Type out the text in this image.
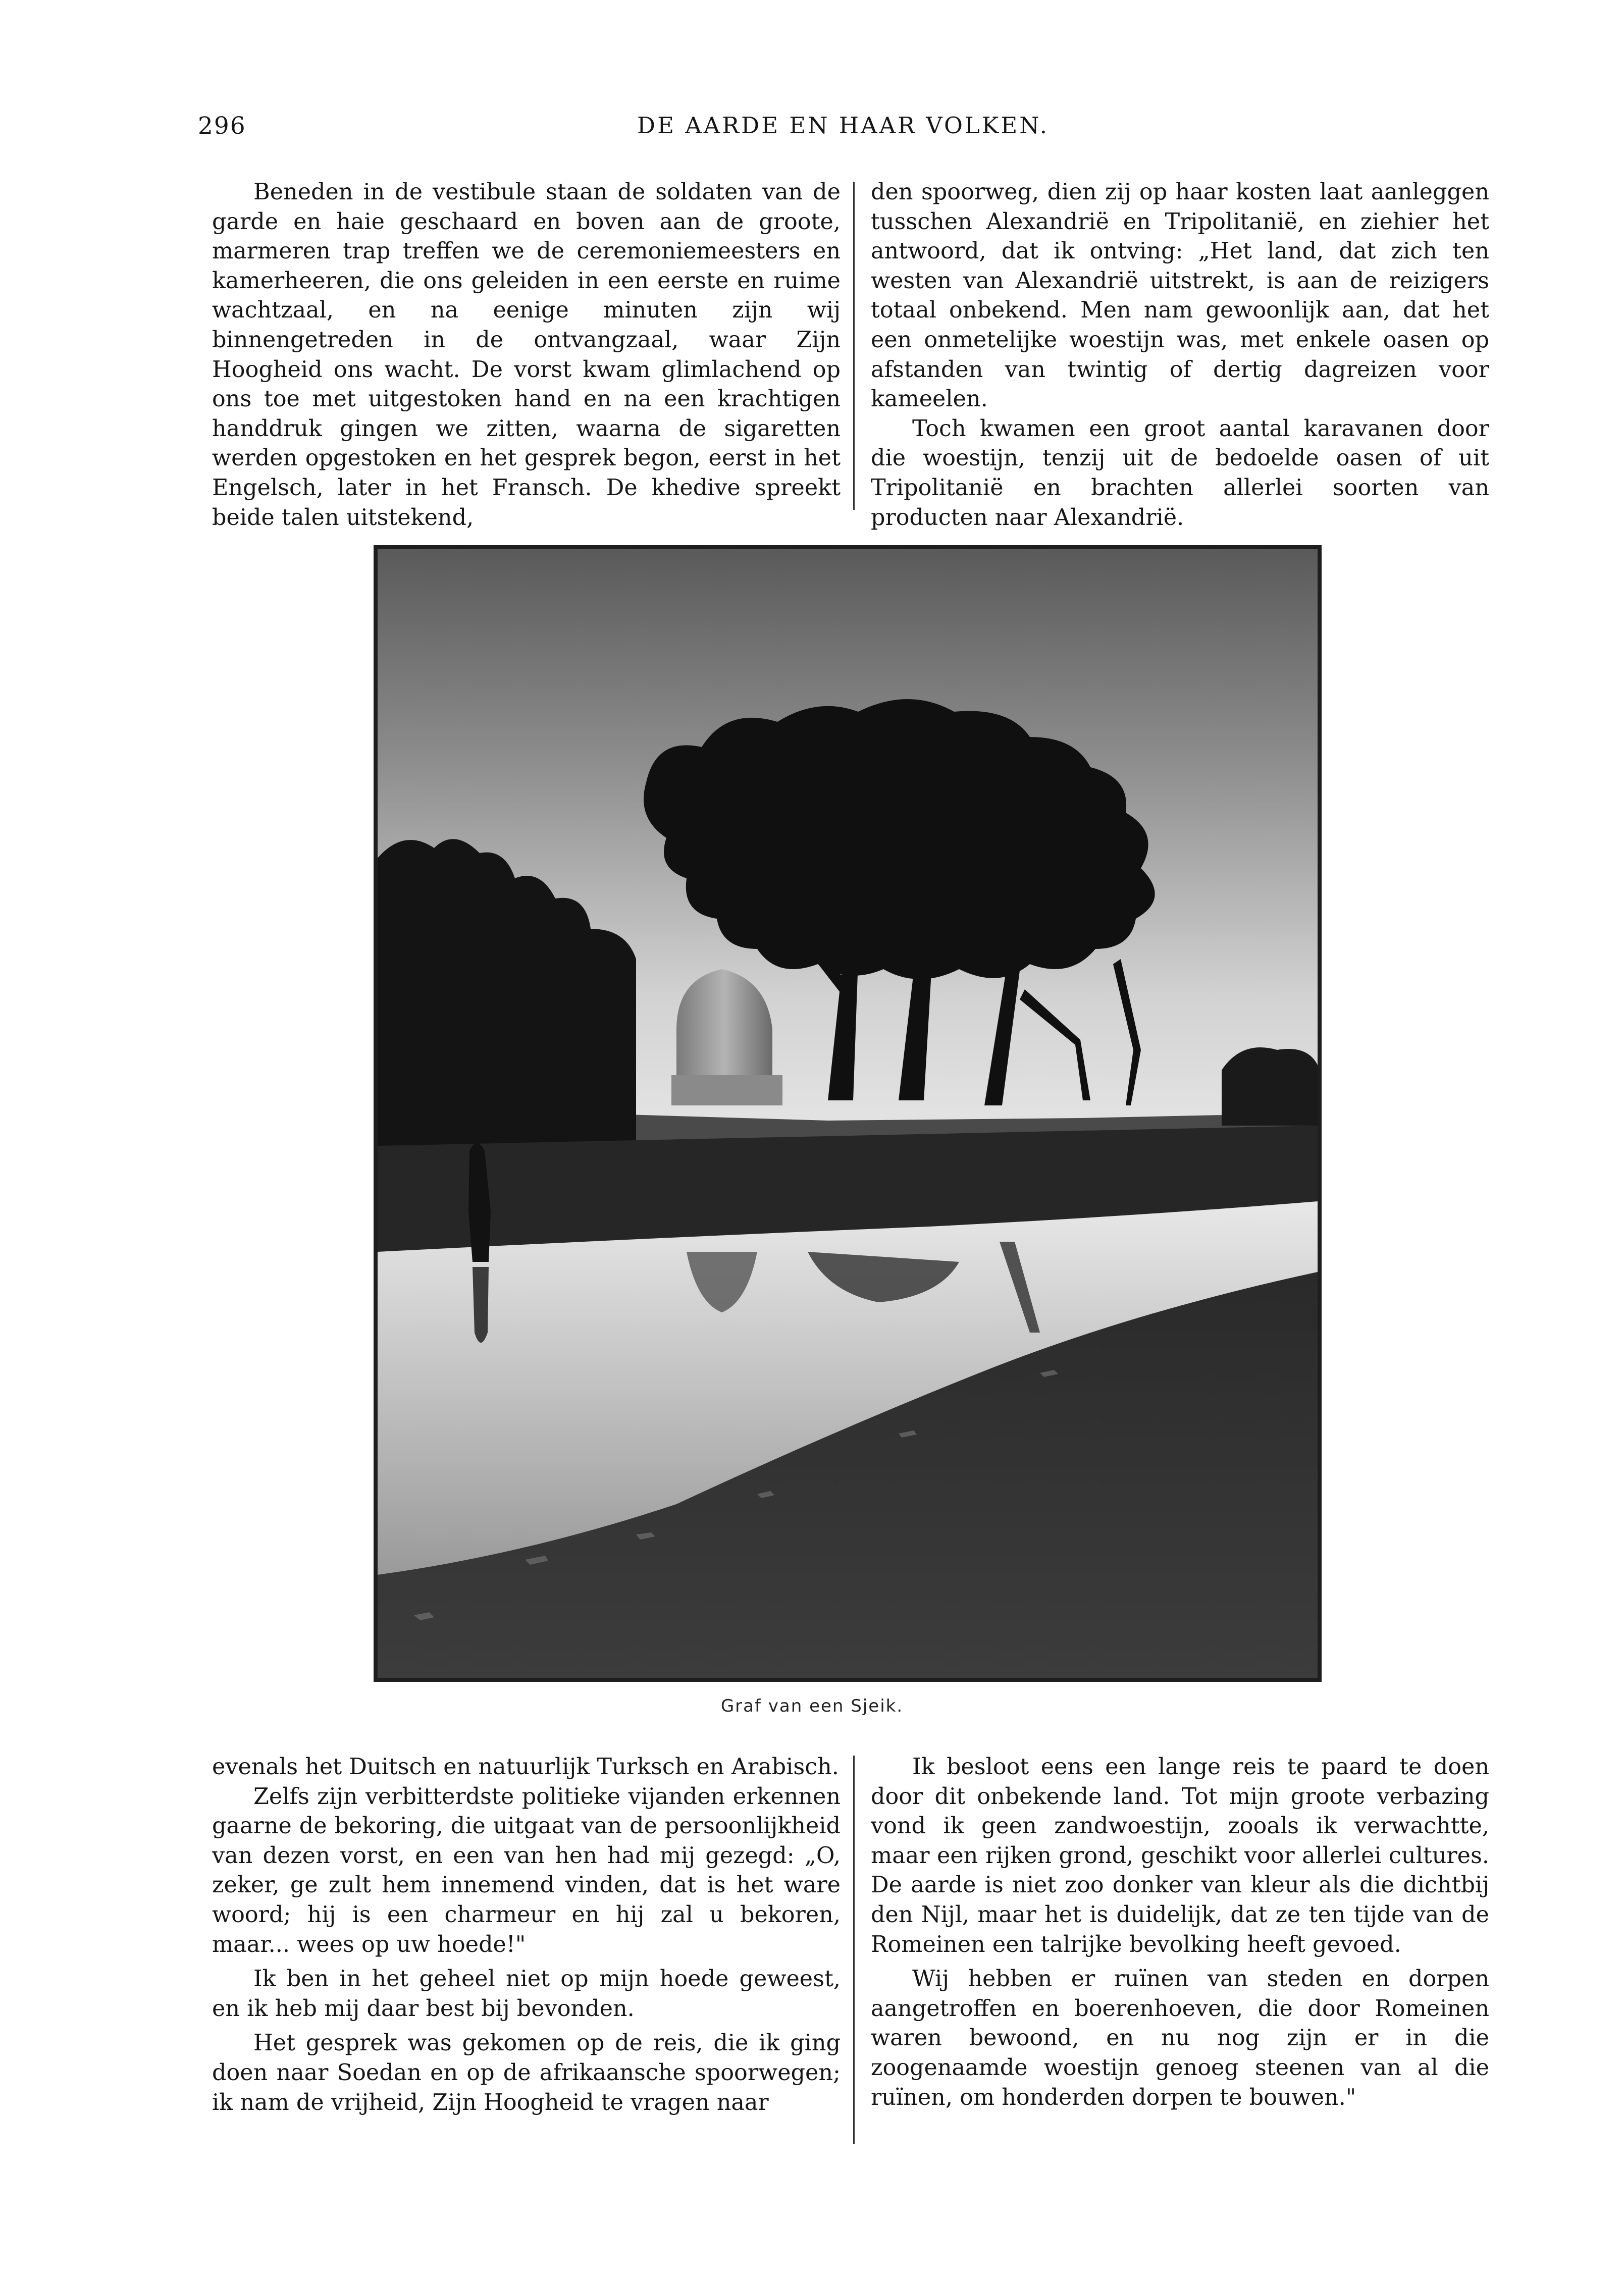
296	DE AARDE EN HAAR VOLKEN.

Beneden in de vestibule staan de soldaten van de garde en haie geschaard en boven aan de groote, marmeren trap treffen we de ceremoniemeesters en kamerheeren, die ons geleiden in een eerste en ruime wachtzaal, en na eenige minuten zijn wij binnengetreden in de ontvangzaal, waar Zijn Hoogheid ons wacht. De vorst kwam glimlachend op ons toe met uitgestoken hand en na een krachtigen handdruk gingen we zitten, waarna de sigaretten werden opgestoken en het gesprek begon, eerst in het Engelsch, later in het Fransch. De khedive spreekt beide talen uitstekend,

den spoorweg, dien zij op haar kosten laat aanleggen tusschen Alexandrië en Tripolitanië, en ziehier het antwoord, dat ik ontving: „Het land, dat zich ten westen van Alexandrië uitstrekt, is aan de reizigers totaal onbekend. Men nam gewoonlijk aan, dat het een onmetelijke woestijn was, met enkele oasen op afstanden van twintig of dertig dagreizen voor kameelen.

Toch kwamen een groot aantal karavanen door die woestijn, tenzij uit de bedoelde oasen of uit Tripolitanië en brachten allerlei soorten van producten naar Alexandrië.

Graf van een Sjeik.

evenals het Duitsch en natuurlijk Turksch en Arabisch.

Zelfs zijn verbitterdste politieke vijanden erkennen gaarne de bekoring, die uitgaat van de persoonlijkheid van dezen vorst, en een van hen had mij gezegd: „O, zeker, ge zult hem innemend vinden, dat is het ware woord; hij is een charmeur en hij zal u bekoren, maar... wees op uw hoede!"

Ik ben in het geheel niet op mijn hoede geweest, en ik heb mij daar best bij bevonden.

Het gesprek was gekomen op de reis, die ik ging doen naar Soedan en op de afrikaansche spoorwegen; ik nam de vrijheid, Zijn Hoogheid te vragen naar

Ik besloot eens een lange reis te paard te doen door dit onbekende land. Tot mijn groote verbazing vond ik geen zandwoestijn, zooals ik verwachtte, maar een rijken grond, geschikt voor allerlei cultures. De aarde is niet zoo donker van kleur als die dichtbij den Nijl, maar het is duidelijk, dat ze ten tijde van de Romeinen een talrijke bevolking heeft gevoed.

Wij hebben er ruïnen van steden en dorpen aangetroffen en boerenhoeven, die door Romeinen waren bewoond, en nu nog zijn er in die zoogenaamde woestijn genoeg steenen van al die ruïnen, om honderden dorpen te bouwen."
